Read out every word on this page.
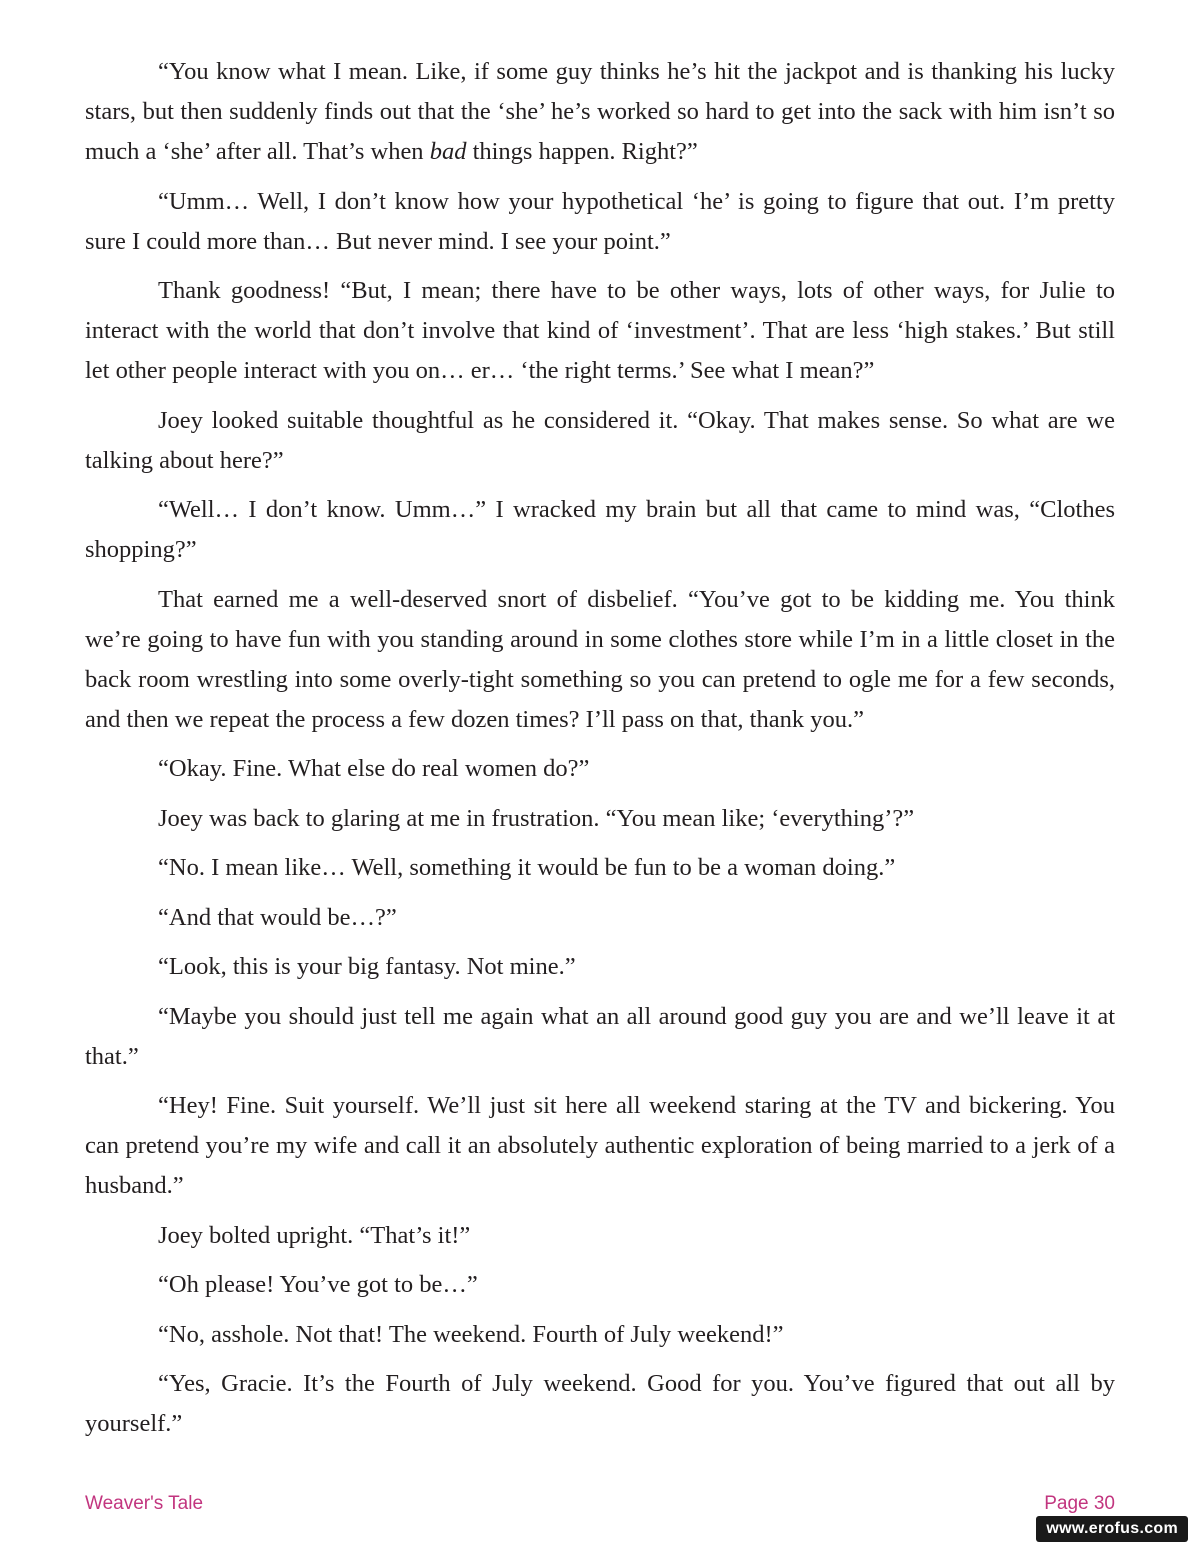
“You know what I mean. Like, if some guy thinks he’s hit the jackpot and is thanking his lucky stars, but then suddenly finds out that the ‘she’ he’s worked so hard to get into the sack with him isn’t so much a ‘she’ after all. That’s when bad things happen. Right?”

“Umm… Well, I don’t know how your hypothetical ‘he’ is going to figure that out. I’m pretty sure I could more than… But never mind. I see your point.”

Thank goodness! “But, I mean; there have to be other ways, lots of other ways, for Julie to interact with the world that don’t involve that kind of ‘investment’. That are less ‘high stakes.’ But still let other people interact with you on… er… ‘the right terms.’ See what I mean?”

Joey looked suitable thoughtful as he considered it. “Okay. That makes sense. So what are we talking about here?”

“Well… I don’t know. Umm…” I wracked my brain but all that came to mind was, “Clothes shopping?”

That earned me a well-deserved snort of disbelief. “You’ve got to be kidding me. You think we’re going to have fun with you standing around in some clothes store while I’m in a little closet in the back room wrestling into some overly-tight something so you can pretend to ogle me for a few seconds, and then we repeat the process a few dozen times? I’ll pass on that, thank you.”

“Okay. Fine. What else do real women do?”

Joey was back to glaring at me in frustration. “You mean like; ‘everything’?”

“No. I mean like… Well, something it would be fun to be a woman doing.”

“And that would be…?”

“Look, this is your big fantasy. Not mine.”

“Maybe you should just tell me again what an all around good guy you are and we’ll leave it at that.”

“Hey! Fine. Suit yourself. We’ll just sit here all weekend staring at the TV and bickering. You can pretend you’re my wife and call it an absolutely authentic exploration of being married to a jerk of a husband.”

Joey bolted upright. “That’s it!”

“Oh please! You’ve got to be…”

“No, asshole. Not that! The weekend. Fourth of July weekend!”

“Yes, Gracie. It’s the Fourth of July weekend. Good for you. You’ve figured that out all by yourself.”

Weaver's Tale	Page 30
www.erofus.com
